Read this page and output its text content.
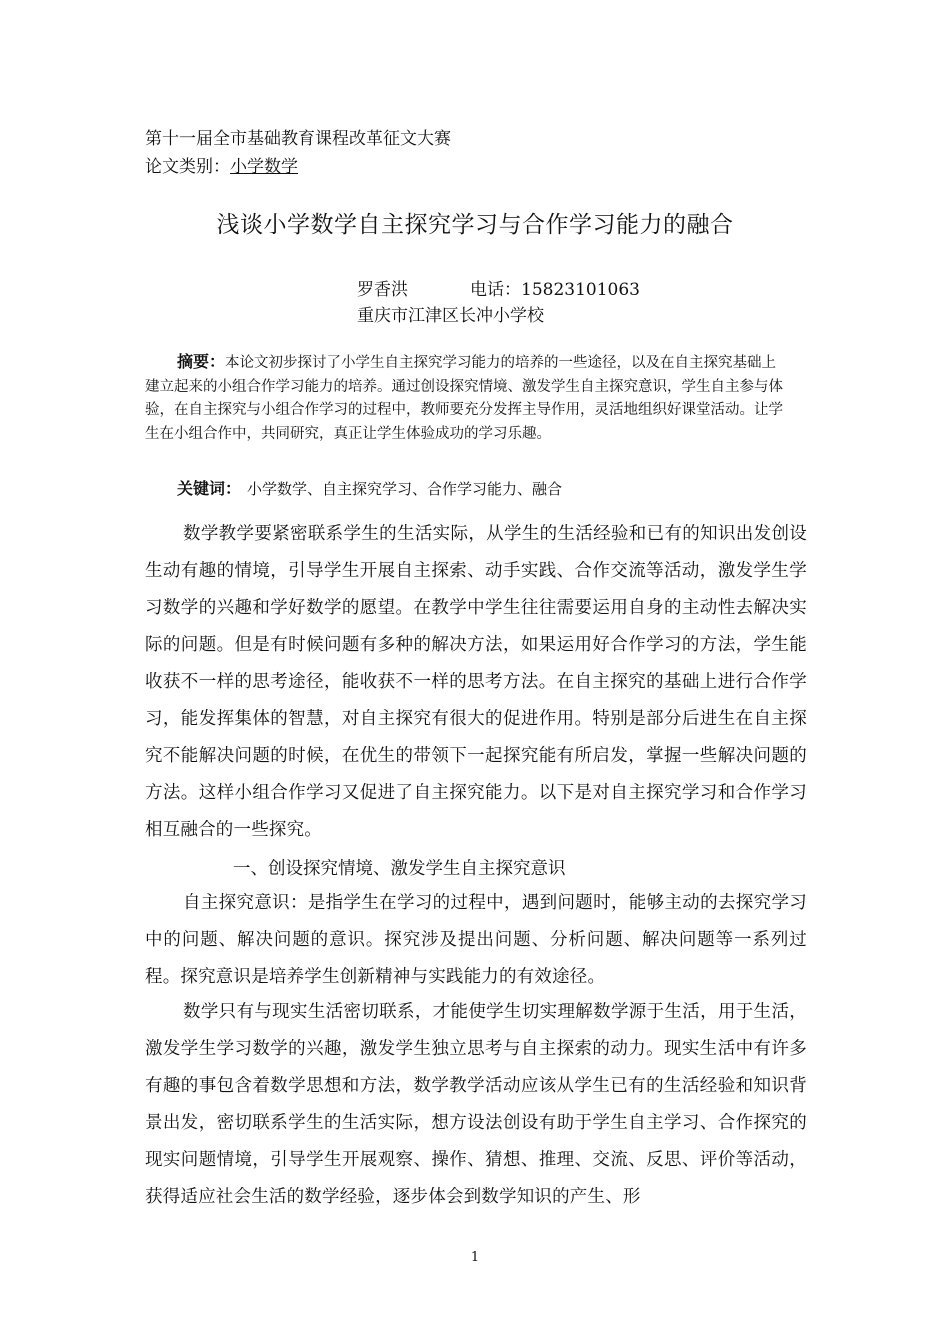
第十一届全市基础教育课程改革征文大赛
论文类别：小学数学
浅谈小学数学自主探究学习与合作学习能力的融合
罗香洪	电话：15823101063
重庆市江津区长冲小学校
摘要：本论文初步探讨了小学生自主探究学习能力的培养的一些途径，以及在自主探究基础上建立起来的小组合作学习能力的培养。通过创设探究情境、激发学生自主探究意识，学生自主参与体验，在自主探究与小组合作学习的过程中，教师要充分发挥主导作用，灵活地组织好课堂活动。让学生在小组合作中，共同研究，真正让学生体验成功的学习乐趣。
关键词： 小学数学、自主探究学习、合作学习能力、融合
数学教学要紧密联系学生的生活实际，从学生的生活经验和已有的知识出发创设生动有趣的情境，引导学生开展自主探索、动手实践、合作交流等活动，激发学生学习数学的兴趣和学好数学的愿望。在教学中学生往往需要运用自身的主动性去解决实际的问题。但是有时候问题有多种的解决方法，如果运用好合作学习的方法，学生能收获不一样的思考途径，能收获不一样的思考方法。在自主探究的基础上进行合作学习，能发挥集体的智慧，对自主探究有很大的促进作用。特别是部分后进生在自主探究不能解决问题的时候，在优生的带领下一起探究能有所启发，掌握一些解决问题的方法。这样小组合作学习又促进了自主探究能力。以下是对自主探究学习和合作学习相互融合的一些探究。
一、创设探究情境、激发学生自主探究意识
自主探究意识：是指学生在学习的过程中，遇到问题时，能够主动的去探究学习中的问题、解决问题的意识。探究涉及提出问题、分析问题、解决问题等一系列过程。探究意识是培养学生创新精神与实践能力的有效途径。
数学只有与现实生活密切联系，才能使学生切实理解数学源于生活，用于生活，激发学生学习数学的兴趣，激发学生独立思考与自主探索的动力。现实生活中有许多有趣的事包含着数学思想和方法，数学教学活动应该从学生已有的生活经验和知识背景出发，密切联系学生的生活实际，想方设法创设有助于学生自主学习、合作探究的现实问题情境，引导学生开展观察、操作、猜想、推理、交流、反思、评价等活动，获得适应社会生活的数学经验，逐步体会到数学知识的产生、形
1
